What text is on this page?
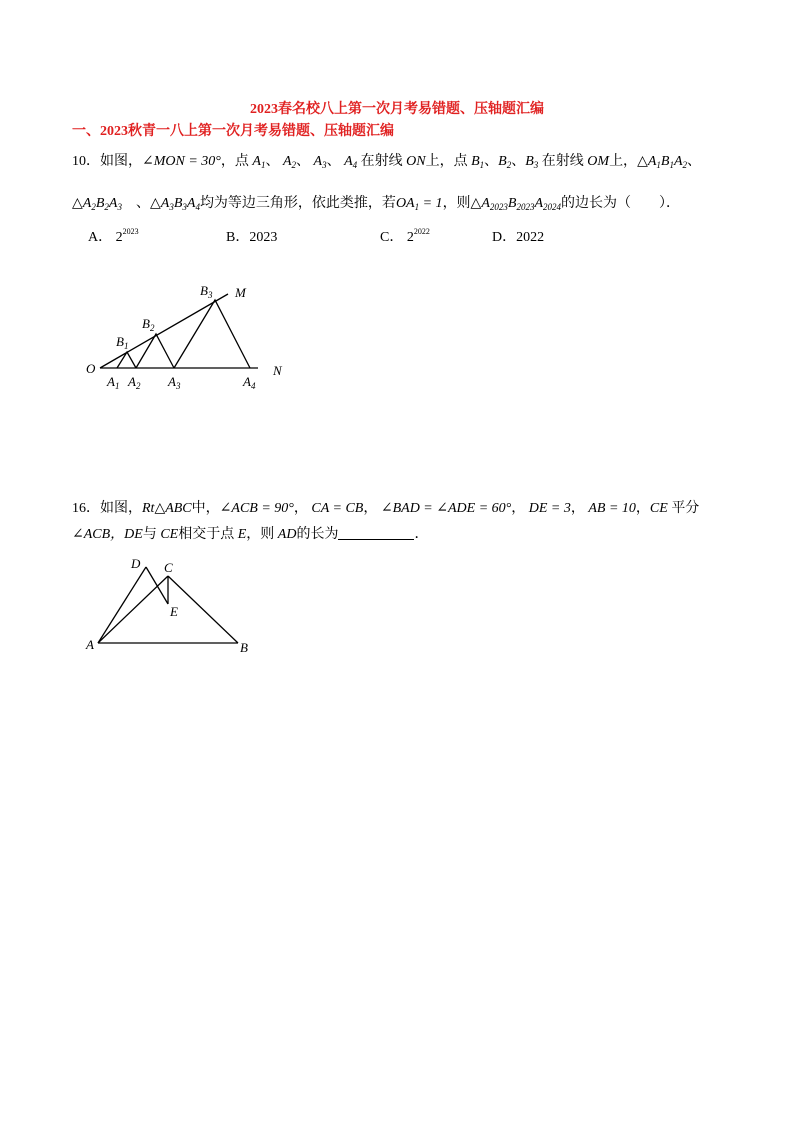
2023春名校八上第一次月考易错题、压轴题汇编
一、2023秋青一八上第一次月考易错题、压轴题汇编
10．如图，∠MON = 30°，点 $A_1$、 $A_2$、 $A_3$、 $A_4$ 在射线 ON上，点 $B_1$、$B_2$、$B_3$ 在射线 OM上，$\triangle A_1B_1A_2$、
$\triangle A_2B_2A_3$　、$\triangle A_3B_3A_4$均为等边三角形，依此类推，若$OA_1 = 1$，则$\triangle A_{2023}B_{2023}A_{2024}$的边长为（　　）．
A． $2^{2023}$	B．2023	C． $2^{2022}$	D．2022
O	N
M
$A_1$ $A_2$ $A_3$	$A_4$
$B_1$
$B_2$
$B_3$
16．如图，Rt△ABC中，∠ACB = 90°， CA = CB， ∠BAD = ∠ADE = 60°， DE = 3， AB = 10，CE 平分
∠ACB，DE与 CE相交于点 E，则 AD的长为	．
A	B
C
D
E
